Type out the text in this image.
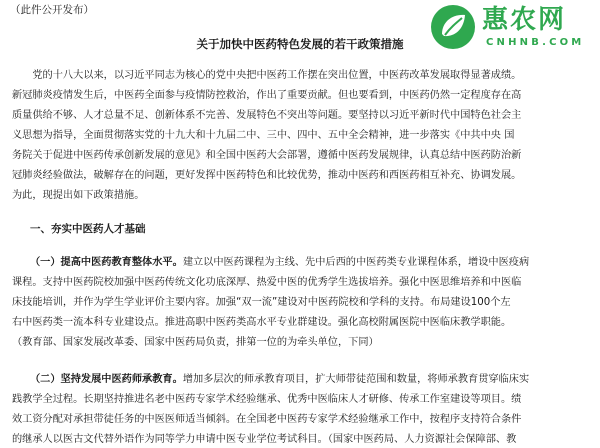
（此件公开发布）	惠农网
CNHNB.COM
关于加快中医药特色发展的若干政策措施
　　党的十八大以来，以习近平同志为核心的党中央把中医药工作摆在突出位置，中医药改革发展取得显著成绩。
新冠肺炎疫情发生后，中医药全面参与疫情防控救治，作出了重要贡献。但也要看到，中医药仍然一定程度存在高
质量供给不够、人才总量不足、创新体系不完善、发展特色不突出等问题。要坚持以习近平新时代中国特色社会主
义思想为指导，全面贯彻落实党的十九大和十九届二中、三中、四中、五中全会精神，进一步落实《中共中央 国
务院关于促进中医药传承创新发展的意见》和全国中医药大会部署，遵循中医药发展规律，认真总结中医药防治新
冠肺炎经验做法，破解存在的问题，更好发挥中医药特色和比较优势，推动中医药和西医药相互补充、协调发展。
为此，现提出如下政策措施。
一、夯实中医药人才基础
（一）提高中医药教育整体水平。建立以中医药课程为主线、先中后西的中医药类专业课程体系，增设中医疫病
课程。支持中医药院校加强中医药传统文化功底深厚、热爱中医的优秀学生选拔培养。强化中医思维培养和中医临
床技能培训，并作为学生学业评价主要内容。加强“双一流”建设对中医药院校和学科的支持。布局建设100个左
右中医药类一流本科专业建设点。推进高职中医药类高水平专业群建设。强化高校附属医院中医临床教学职能。
（教育部、国家发展改革委、国家中医药局负责，排第一位的为牵头单位，下同）
（二）坚持发展中医药师承教育。增加多层次的师承教育项目，扩大师带徒范围和数量，将师承教育贯穿临床实
践教学全过程。长期坚持推进名老中医药专家学术经验继承、优秀中医临床人才研修、传承工作室建设等项目。绩
效工资分配对承担带徒任务的中医医师适当倾斜。在全国老中医药专家学术经验继承工作中，按程序支持符合条件
的继承人以医古文代替外语作为同等学力申请中医专业学位考试科目。（国家中医药局、人力资源社会保障部、教
